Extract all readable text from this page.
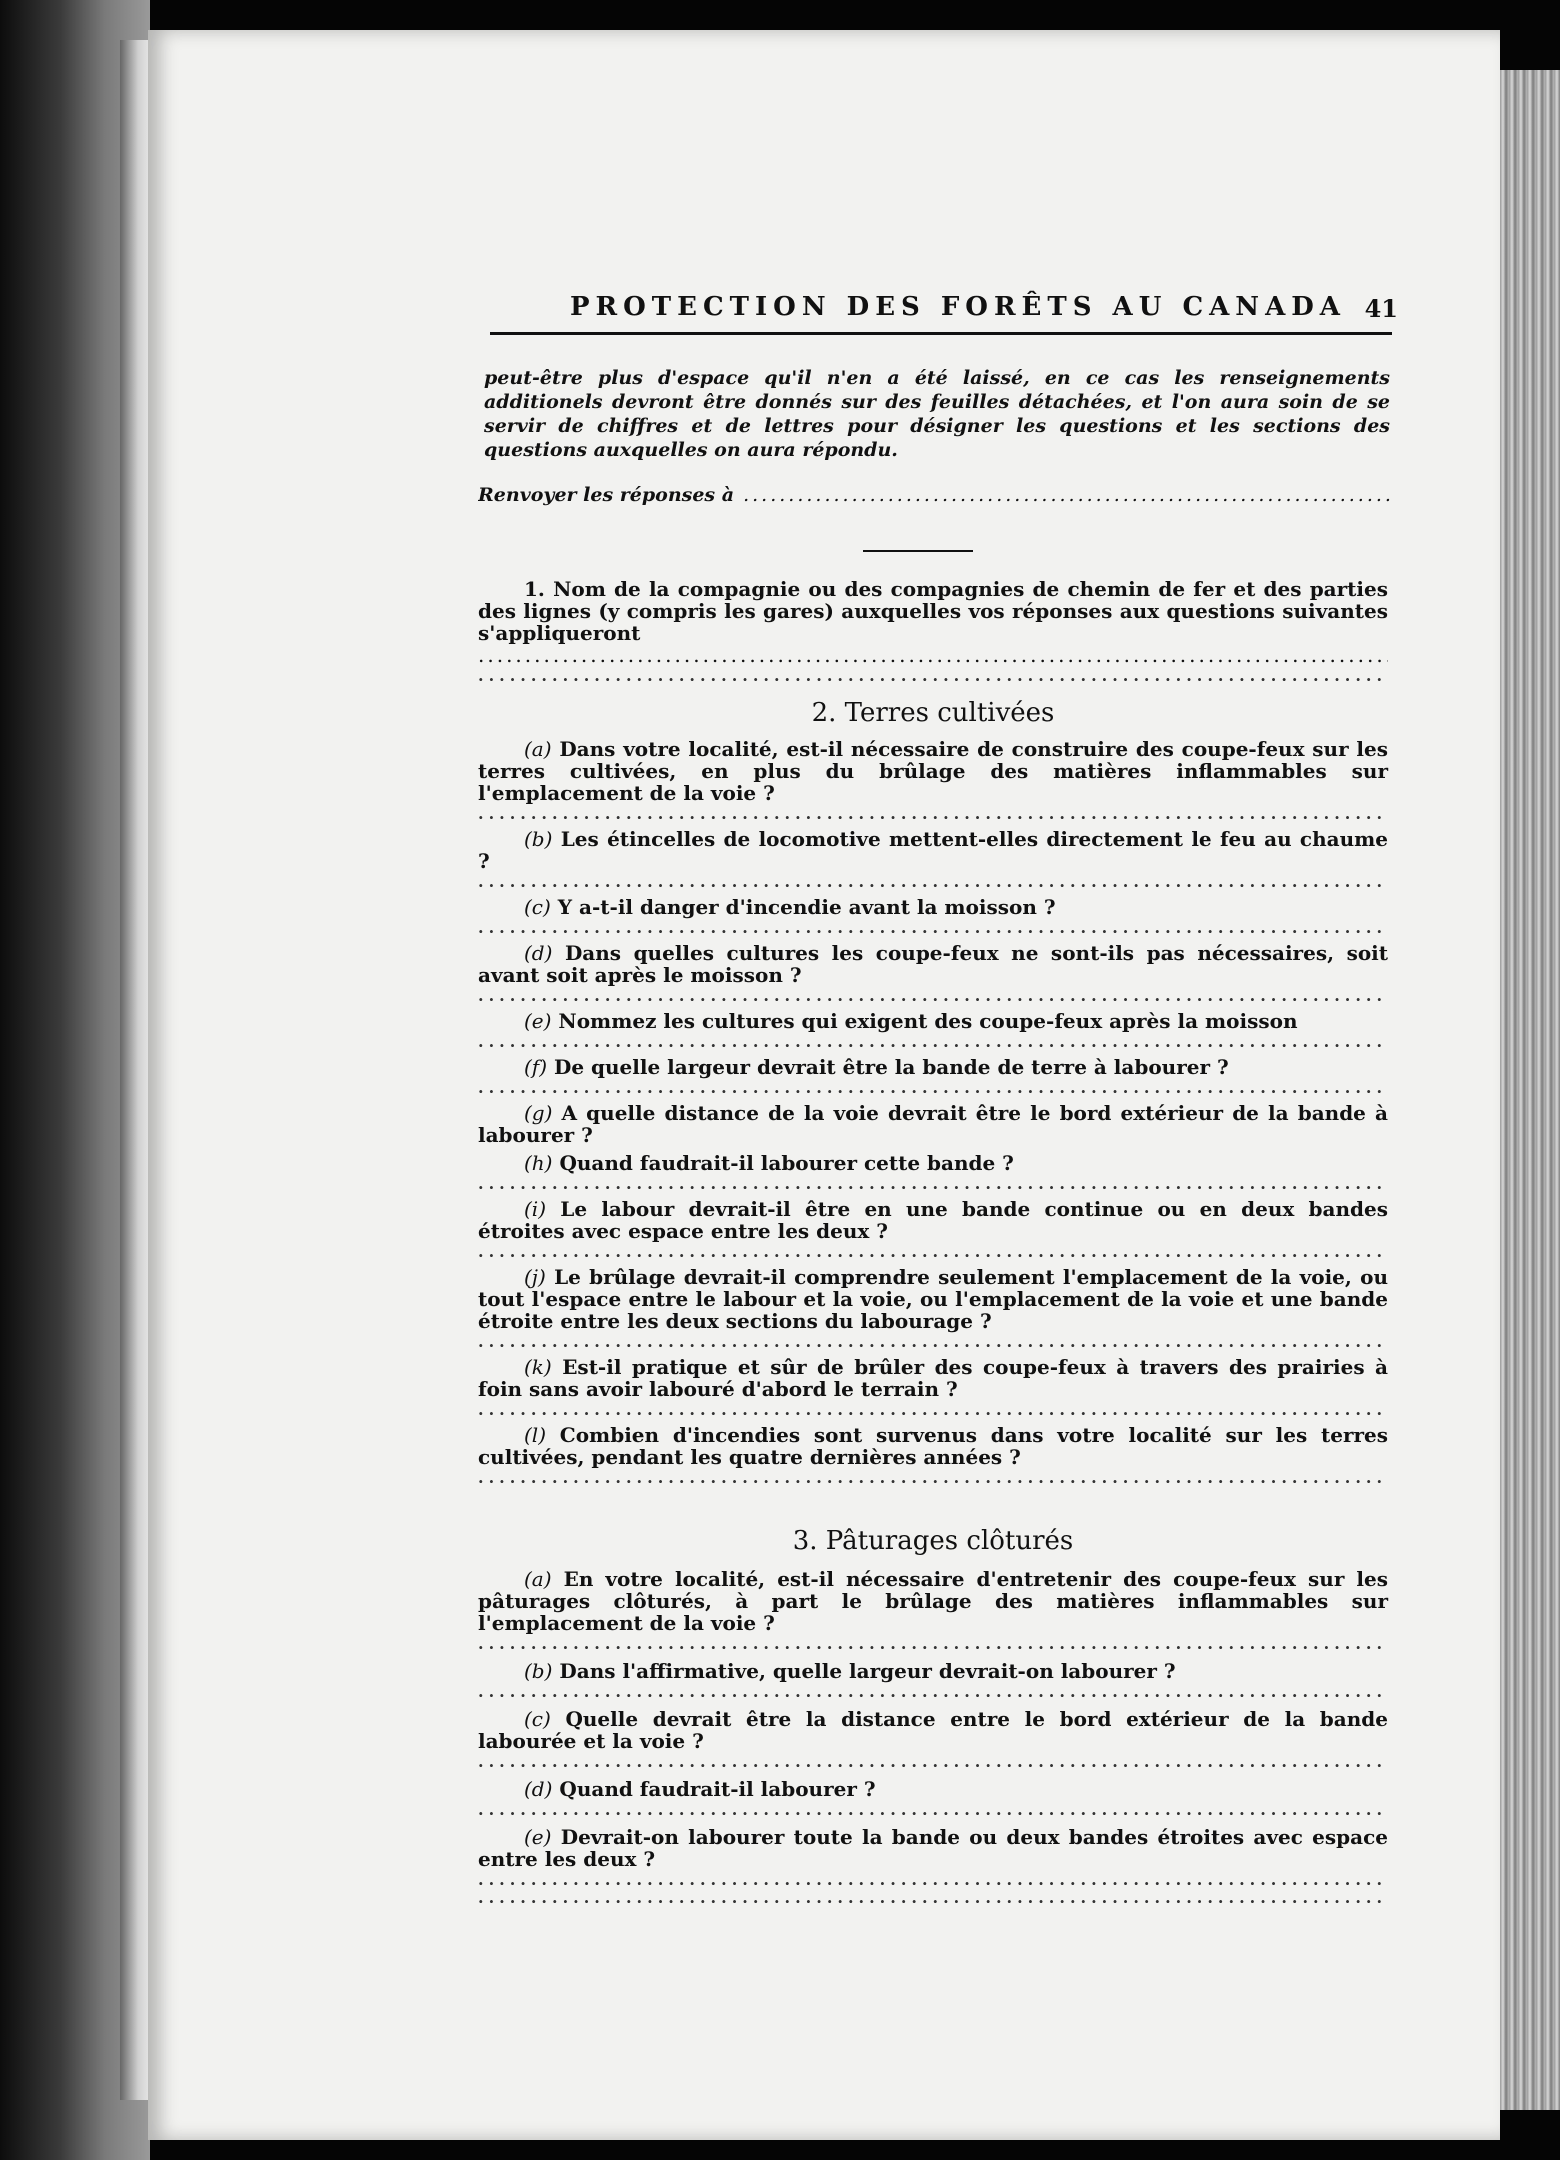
PROTECTION DES FORÊTS AU CANADA 41
peut-être plus d'espace qu'il n'en a été laissé, en ce cas les renseignements additionels devront être donnés sur des feuilles détachées, et l'on aura soin de se servir de chiffres et de lettres pour désigner les questions et les sections des questions auxquelles on aura répondu.
Renvoyer les réponses à .....
1. Nom de la compagnie ou des compagnies de chemin de fer et des parties des lignes (y compris les gares) auxquelles vos réponses aux questions suivantes s'appliqueront .....
.....
2. Terres cultivées
(a) Dans votre localité, est-il nécessaire de construire des coupe-feux sur les terres cultivées, en plus du brûlage des matières inflammables sur l'emplacement de la voie ?
.....
(b) Les étincelles de locomotive mettent-elles directement le feu au chaume ?
.....
(c) Y a-t-il danger d'incendie avant la moisson ?
.....
(d) Dans quelles cultures les coupe-feux ne sont-ils pas nécessaires, soit avant soit après le moisson ?
.....
(e) Nommez les cultures qui exigent des coupe-feux après la moisson
.....
(f) De quelle largeur devrait être la bande de terre à labourer ?
.....
(g) A quelle distance de la voie devrait être le bord extérieur de la bande à labourer ?
(h) Quand faudrait-il labourer cette bande ?
.....
(i) Le labour devrait-il être en une bande continue ou en deux bandes étroites avec espace entre les deux ?
.....
(j) Le brûlage devrait-il comprendre seulement l'emplacement de la voie, ou tout l'espace entre le labour et la voie, ou l'emplacement de la voie et une bande étroite entre les deux sections du labourage ?
.....
(k) Est-il pratique et sûr de brûler des coupe-feux à travers des prairies à foin sans avoir labouré d'abord le terrain ?
.....
(l) Combien d'incendies sont survenus dans votre localité sur les terres cultivées, pendant les quatre dernières années ?
.....
3. Pâturages clôturés
(a) En votre localité, est-il nécessaire d'entretenir des coupe-feux sur les pâturages clôturés, à part le brûlage des matières inflammables sur l'emplacement de la voie ?
.....
(b) Dans l'affirmative, quelle largeur devrait-on labourer ?
.....
(c) Quelle devrait être la distance entre le bord extérieur de la bande labourée et la voie ?
.....
(d) Quand faudrait-il labourer ?
.....
(e) Devrait-on labourer toute la bande ou deux bandes étroites avec espace entre les deux ?
.....
.....
